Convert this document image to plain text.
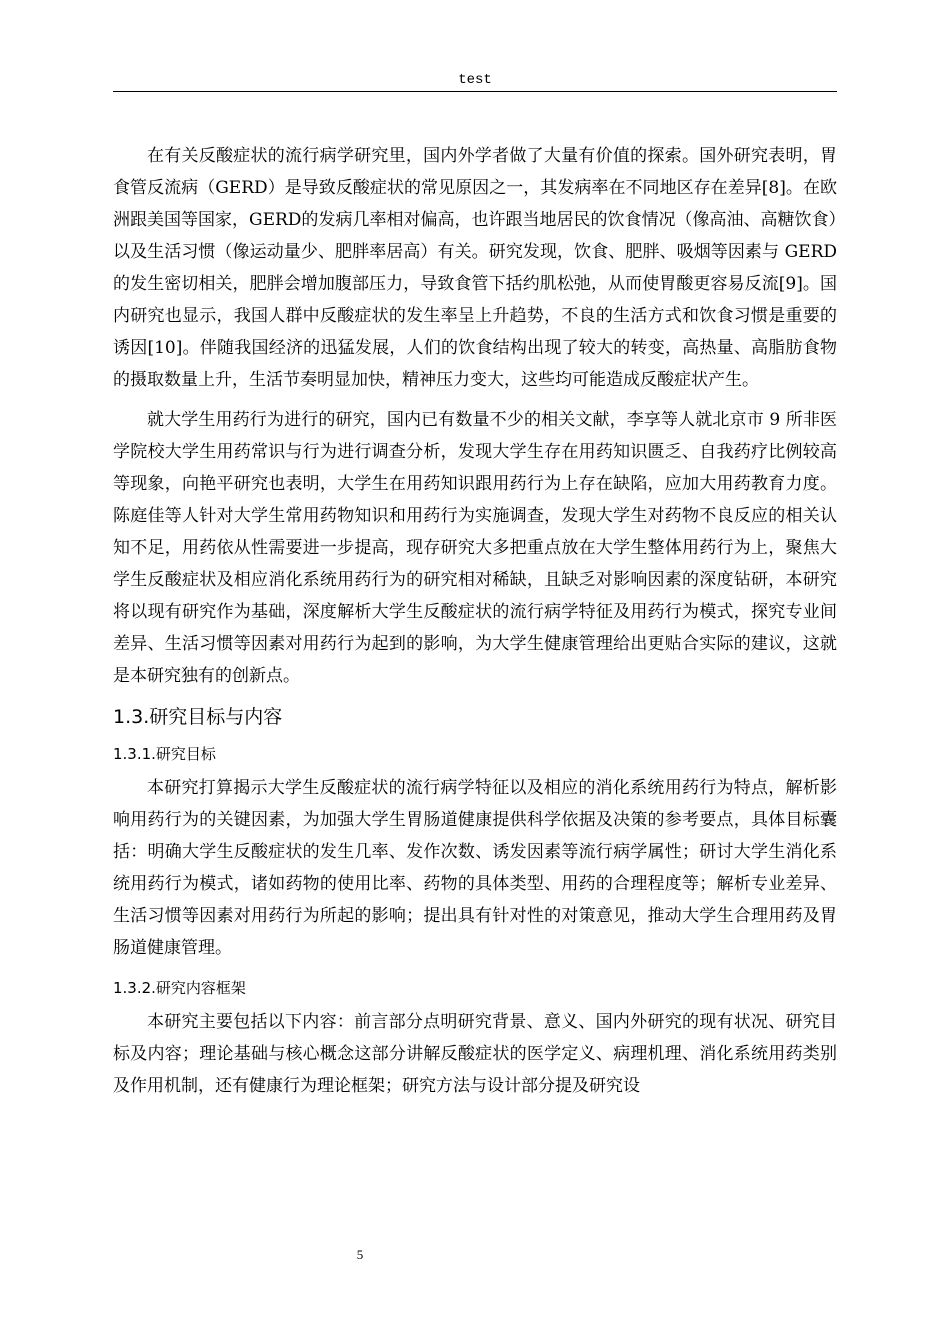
test

在有关反酸症状的流行病学研究里，国内外学者做了大量有价值的探索。国外研究表明，胃食管反流病（GERD）是导致反酸症状的常见原因之一，其发病率在不同地区存在差异[8]。在欧洲跟美国等国家，GERD的发病几率相对偏高，也许跟当地居民的饮食情况（像高油、高糖饮食）以及生活习惯（像运动量少、肥胖率居高）有关。研究发现，饮食、肥胖、吸烟等因素与 GERD 的发生密切相关，肥胖会增加腹部压力，导致食管下括约肌松弛，从而使胃酸更容易反流[9]。国内研究也显示，我国人群中反酸症状的发生率呈上升趋势，不良的生活方式和饮食习惯是重要的诱因[10]。伴随我国经济的迅猛发展，人们的饮食结构出现了较大的转变，高热量、高脂肪食物的摄取数量上升，生活节奏明显加快，精神压力变大，这些均可能造成反酸症状产生。

就大学生用药行为进行的研究，国内已有数量不少的相关文献，李享等人就北京市 9 所非医学院校大学生用药常识与行为进行调查分析，发现大学生存在用药知识匮乏、自我药疗比例较高等现象，向艳平研究也表明，大学生在用药知识跟用药行为上存在缺陷，应加大用药教育力度。陈庭佳等人针对大学生常用药物知识和用药行为实施调查，发现大学生对药物不良反应的相关认知不足，用药依从性需要进一步提高，现存研究大多把重点放在大学生整体用药行为上，聚焦大学生反酸症状及相应消化系统用药行为的研究相对稀缺，且缺乏对影响因素的深度钻研，本研究将以现有研究作为基础，深度解析大学生反酸症状的流行病学特征及用药行为模式，探究专业间差异、生活习惯等因素对用药行为起到的影响，为大学生健康管理给出更贴合实际的建议，这就是本研究独有的创新点。

1.3.研究目标与内容
1.3.1.研究目标

本研究打算揭示大学生反酸症状的流行病学特征以及相应的消化系统用药行为特点，解析影响用药行为的关键因素，为加强大学生胃肠道健康提供科学依据及决策的参考要点，具体目标囊括：明确大学生反酸症状的发生几率、发作次数、诱发因素等流行病学属性；研讨大学生消化系统用药行为模式，诸如药物的使用比率、药物的具体类型、用药的合理程度等；解析专业差异、生活习惯等因素对用药行为所起的影响；提出具有针对性的对策意见，推动大学生合理用药及胃肠道健康管理。

1.3.2.研究内容框架

本研究主要包括以下内容：前言部分点明研究背景、意义、国内外研究的现有状况、研究目标及内容；理论基础与核心概念这部分讲解反酸症状的医学定义、病理机理、消化系统用药类别及作用机制，还有健康行为理论框架；研究方法与设计部分提及研究设

5
